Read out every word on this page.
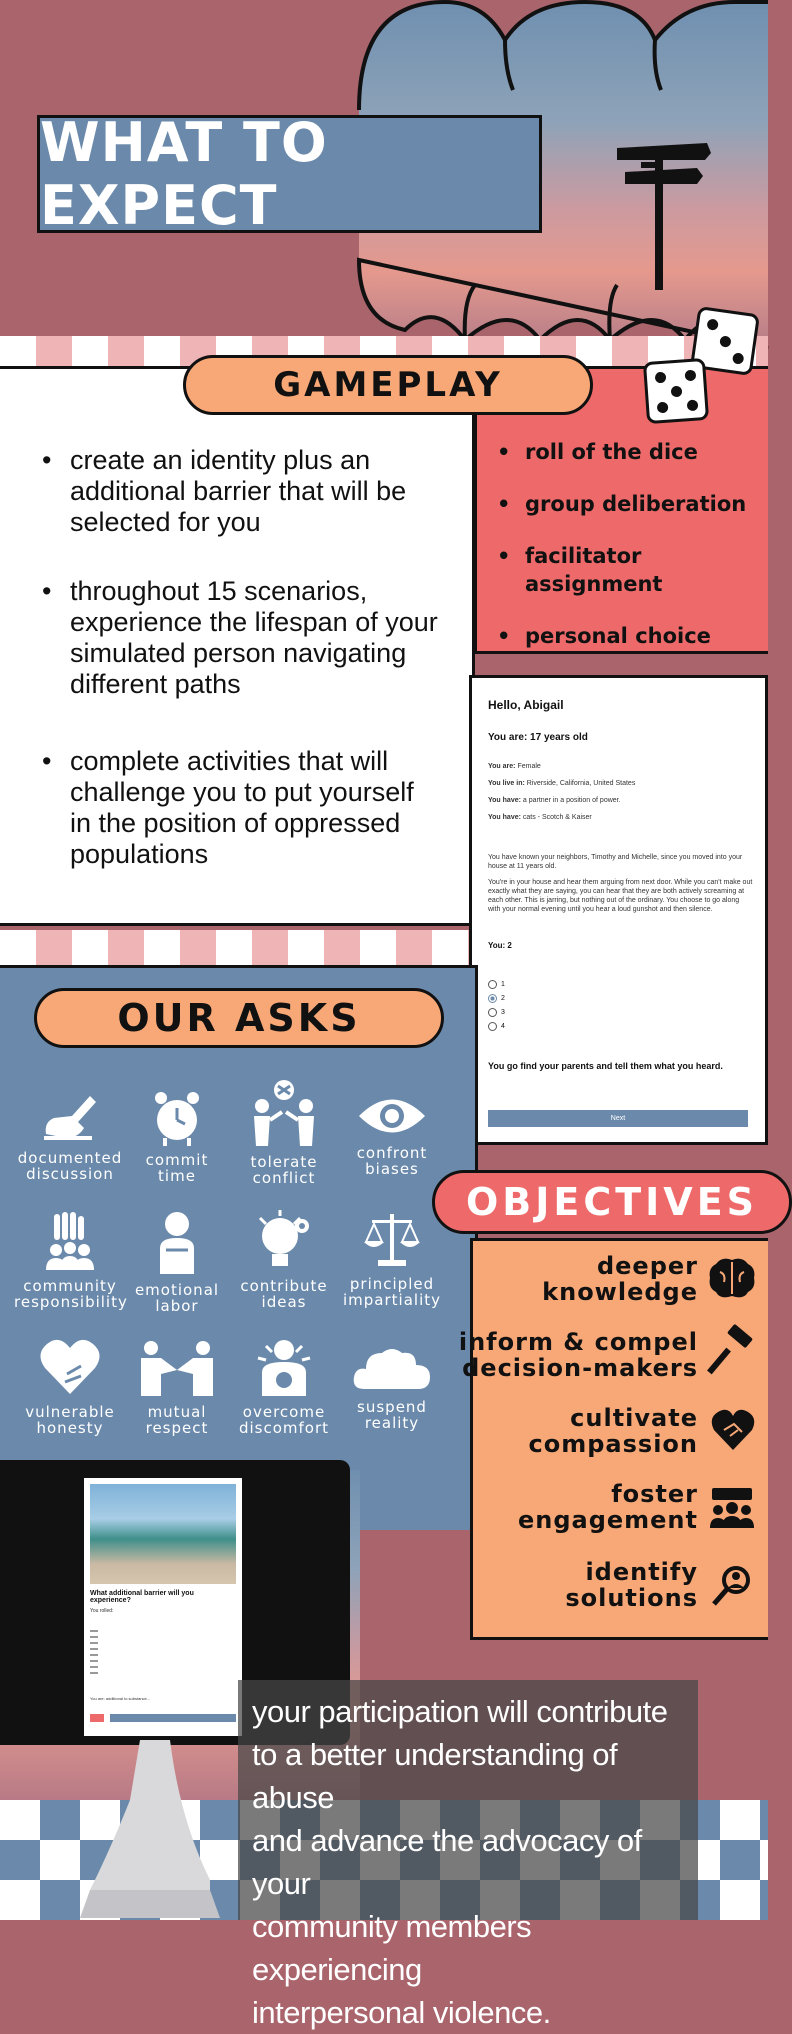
WHAT TO EXPECT
GAMEPLAY
• create an identity plus an additional barrier that will be selected for you
• throughout 15 scenarios, experience the lifespan of your simulated person navigating different paths
• complete activities that will challenge you to put yourself in the position of oppressed populations
• roll of the dice
• group deliberation
• facilitator assignment
• personal choice
Hello, Abigail
You are: 17 years old
You are: Female
You live in: Riverside, California, United States
You have: a partner in a position of power.
You have: cats - Scotch & Kaiser
You have known your neighbors, Timothy and Michelle, since you moved into your house at 11 years old.
You're in your house and hear them arguing from next door. While you can't make out exactly what they are saying, you can hear that they are both actively screaming at each other. This is jarring, but nothing out of the ordinary. You choose to go along with your normal evening until you hear a loud gunshot and then silence.
You: 2
1
2
3
4
You go find your parents and tell them what you heard.
Next
OUR ASKS
documented
discussion
commit
time
tolerate
conflict
confront
biases
community
responsibility
emotional
labor
contribute
ideas
principled
impartiality
vulnerable
honesty
mutual
respect
overcome
discomfort
suspend
reality
OBJECTIVES
deeper
knowledge
inform & compel
decision-makers
cultivate
compassion
foster
engagement
identify
solutions
What additional barrier will you experience?
You rolled:
You are: additional to substance...	your participation will contribute
to a better understanding of abuse
and advance the advocacy of your
community members experiencing
interpersonal violence.
